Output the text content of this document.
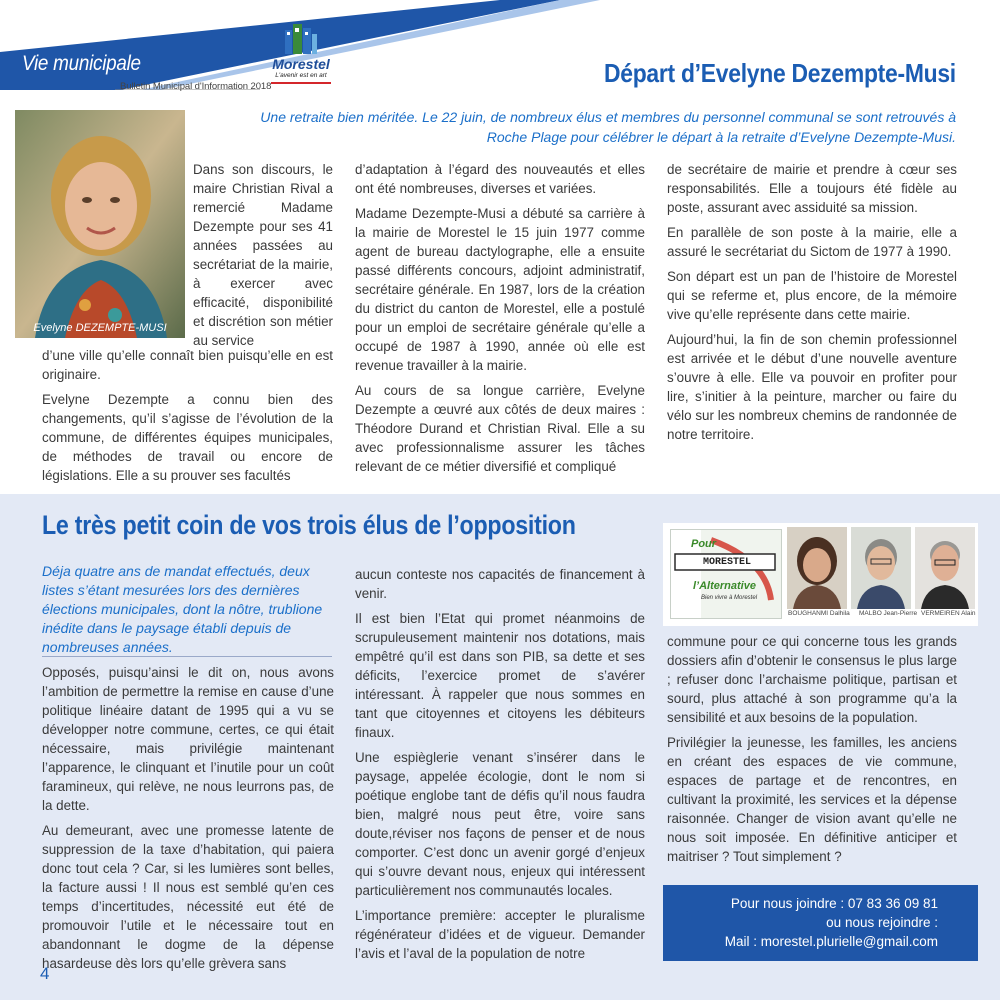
Vie municipale
Bulletin Municipal d'Information 2018
Morestel
L'avenir est en art	Départ d’Evelyne Dezempte-Musi
Une retraite bien méritée. Le 22 juin, de nombreux élus et membres du personnel communal se sont retrouvés à Roche Plage pour célébrer le départ à la retraite d’Evelyne Dezempte-Musi.
Evelyne DEZEMPTE-MUSI

Dans son discours, le maire Christian Rival a remercié Madame Dezempte pour ses 41 années passées au secrétariat de la mairie, à exercer avec efficacité, disponibilité et discrétion son métier au service

d’une ville qu’elle connaît bien puisqu’elle en est originaire.

Evelyne Dezempte a connu bien des changements, qu’il s’agisse de l’évolution de la commune, de différentes équipes municipales, de méthodes de travail ou encore de législations. Elle a su prouver ses facultés

d’adaptation à l’égard des nouveautés et elles ont été nombreuses, diverses et variées.

Madame Dezempte-Musi a débuté sa carrière à la mairie de Morestel le 15 juin 1977 comme agent de bureau dactylographe, elle a ensuite passé différents concours, adjoint administratif, secrétaire générale. En 1987, lors de la création du district du canton de Morestel, elle a postulé pour un emploi de secrétaire générale qu’elle a occupé de 1987 à 1990, année où elle est revenue travailler à la mairie.

Au cours de sa longue carrière, Evelyne Dezempte a œuvré aux côtés de deux maires : Théodore Durand et Christian Rival. Elle a su avec professionnalisme assurer les tâches relevant de ce métier diversifié et compliqué

de secrétaire de mairie et prendre à cœur ses responsabilités. Elle a toujours été fidèle au poste, assurant avec assiduité sa mission.

En parallèle de son poste à la mairie, elle a assuré le secrétariat du Sictom de 1977 à 1990.

Son départ est un pan de l’histoire de Morestel qui se referme et, plus encore, de la mémoire vive qu’elle représente dans cette mairie.

Aujourd’hui, la fin de son chemin professionnel est arrivée et le début d’une nouvelle aventure s’ouvre à elle. Elle va pouvoir en profiter pour lire, s’initier à la peinture, marcher ou faire du vélo sur les nombreux chemins de randonnée de notre territoire.

Le très petit coin de vos trois élus de l’opposition
Déja quatre ans de mandat effectués, deux listes s’étant mesurées lors des dernières élections municipales, dont la nôtre, trublione inédite dans le paysage établi depuis de nombreuses années.

Opposés, puisqu’ainsi le dit on, nous avons l’ambition de permettre la remise en cause d’une politique linéaire datant de 1995 qui a vu se développer notre commune, certes, ce qui était nécessaire, mais privilégie maintenant l’apparence, le clinquant et l’inutile pour un coût faramineux, qui relève, ne nous leurrons pas, de la dette.

Au demeurant, avec une promesse latente de suppression de la taxe d’habitation, qui paiera donc tout cela ? Car, si les lumières sont belles, la facture aussi ! Il nous est semblé qu’en ces temps d’incertitudes, nécessité eut été de promouvoir l’utile et le nécessaire tout en abandonnant le dogme de la dépense hasardeuse dès lors qu’elle grèvera sans

aucun conteste nos capacités de financement à venir.

Il est bien l’Etat qui promet néanmoins de scrupuleusement maintenir nos dotations, mais empêtré qu’il est dans son PIB, sa dette et ses déficits, l’exercice promet de s’avérer intéressant. À rappeler que nous sommes en tant que citoyennes et citoyens les débiteurs finaux.

Une espièglerie venant s’insérer dans le paysage, appelée écologie, dont le nom si poétique englobe tant de défis qu’il nous faudra bien, malgré nous peut être, voire sans doute,réviser nos façons de penser et de nous comporter. C’est donc un avenir gorgé d’enjeux qui s’ouvre devant nous, enjeux qui intéressent particulièrement nos communautés locales.

L’importance première: accepter le pluralisme régénérateur d’idées et de vigueur. Demander l’avis et l’aval de la population de notre

commune pour ce qui concerne tous les grands dossiers afin d’obtenir le consensus le plus large ; refuser donc l’archaisme politique, partisan et sourd, plus attaché à son programme qu’a la sensibilité et aux besoins de la population.

Privilégier la jeunesse, les familles, les anciens en créant des espaces de vie commune, espaces de partage et de rencontres, en cultivant la proximité, les services et la dépense raisonnée. Changer de vision avant qu’elle ne nous soit imposée. En définitive anticiper et maitriser ? Tout simplement ?

Pour
MORESTEL
l’Alternative
Bien vivre à Morestel
BOUGHANMI Dalhila MALBO Jean-Pierre VERMEIREN Alain
Pour nous joindre : 07 83 36 09 81
ou nous rejoindre :
Mail : morestel.plurielle@gmail.com
4
